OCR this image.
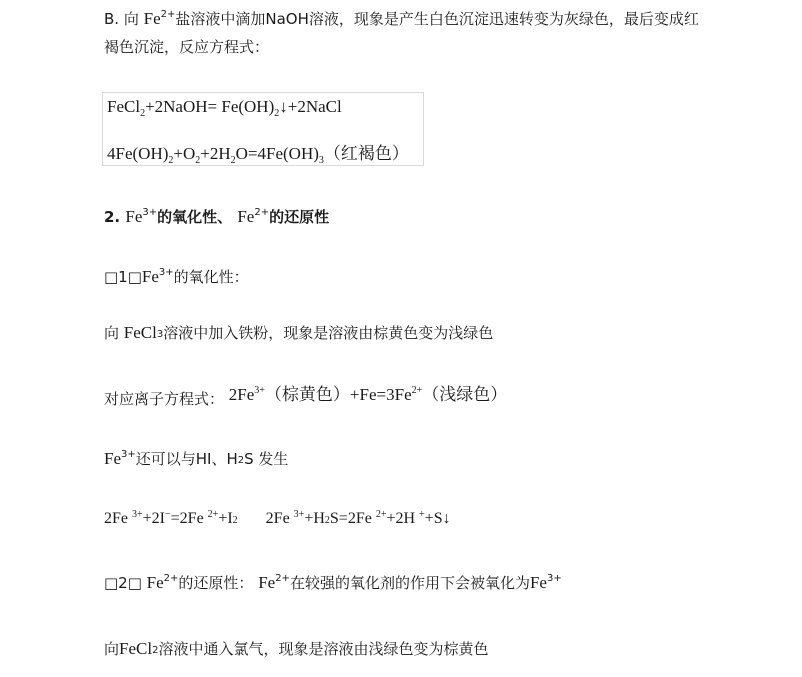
B. 向 $Fe^{2+}$盐溶液中滴加NaOH溶液，现象是产生白色沉淀迅速转变为灰绿色，最后变成红
褐色沉淀，反应方程式：
FeCl$_2$+2NaOH= $Fe(OH)_2↓+2NaCl$
$4Fe(OH)_2+O_2+2H_2O=4Fe(OH)_3$（红褐色）
2. $Fe^{3+}$的氧化性、 $Fe^{2+}$的还原性
$□1□Fe^{3+}$的氧化性：
向 FeCl$_3$溶液中加入铁粉，现象是溶液由棕黄色变为浅绿色
对应离子方程式： $2Fe^{3+}$（棕黄色）$+Fe=3Fe^{2+}$（浅绿色）
$Fe^{3+}$还可以与HI、$H_2S$ 发生
2Fe $^{3+}$+2I−=2Fe $^{2+}+I_2$ 2Fe $^{3+}+H_2S=2Fe$ $^{2+}$+2H ++S↓
□2□ $Fe^{2+}$的还原性： $Fe^{2+}$在较强的氧化剂的作用下会被氧化为$Fe^{3+}$
向FeCl$_2$溶液中通入氯气，现象是溶液由浅绿色变为棕黄色
